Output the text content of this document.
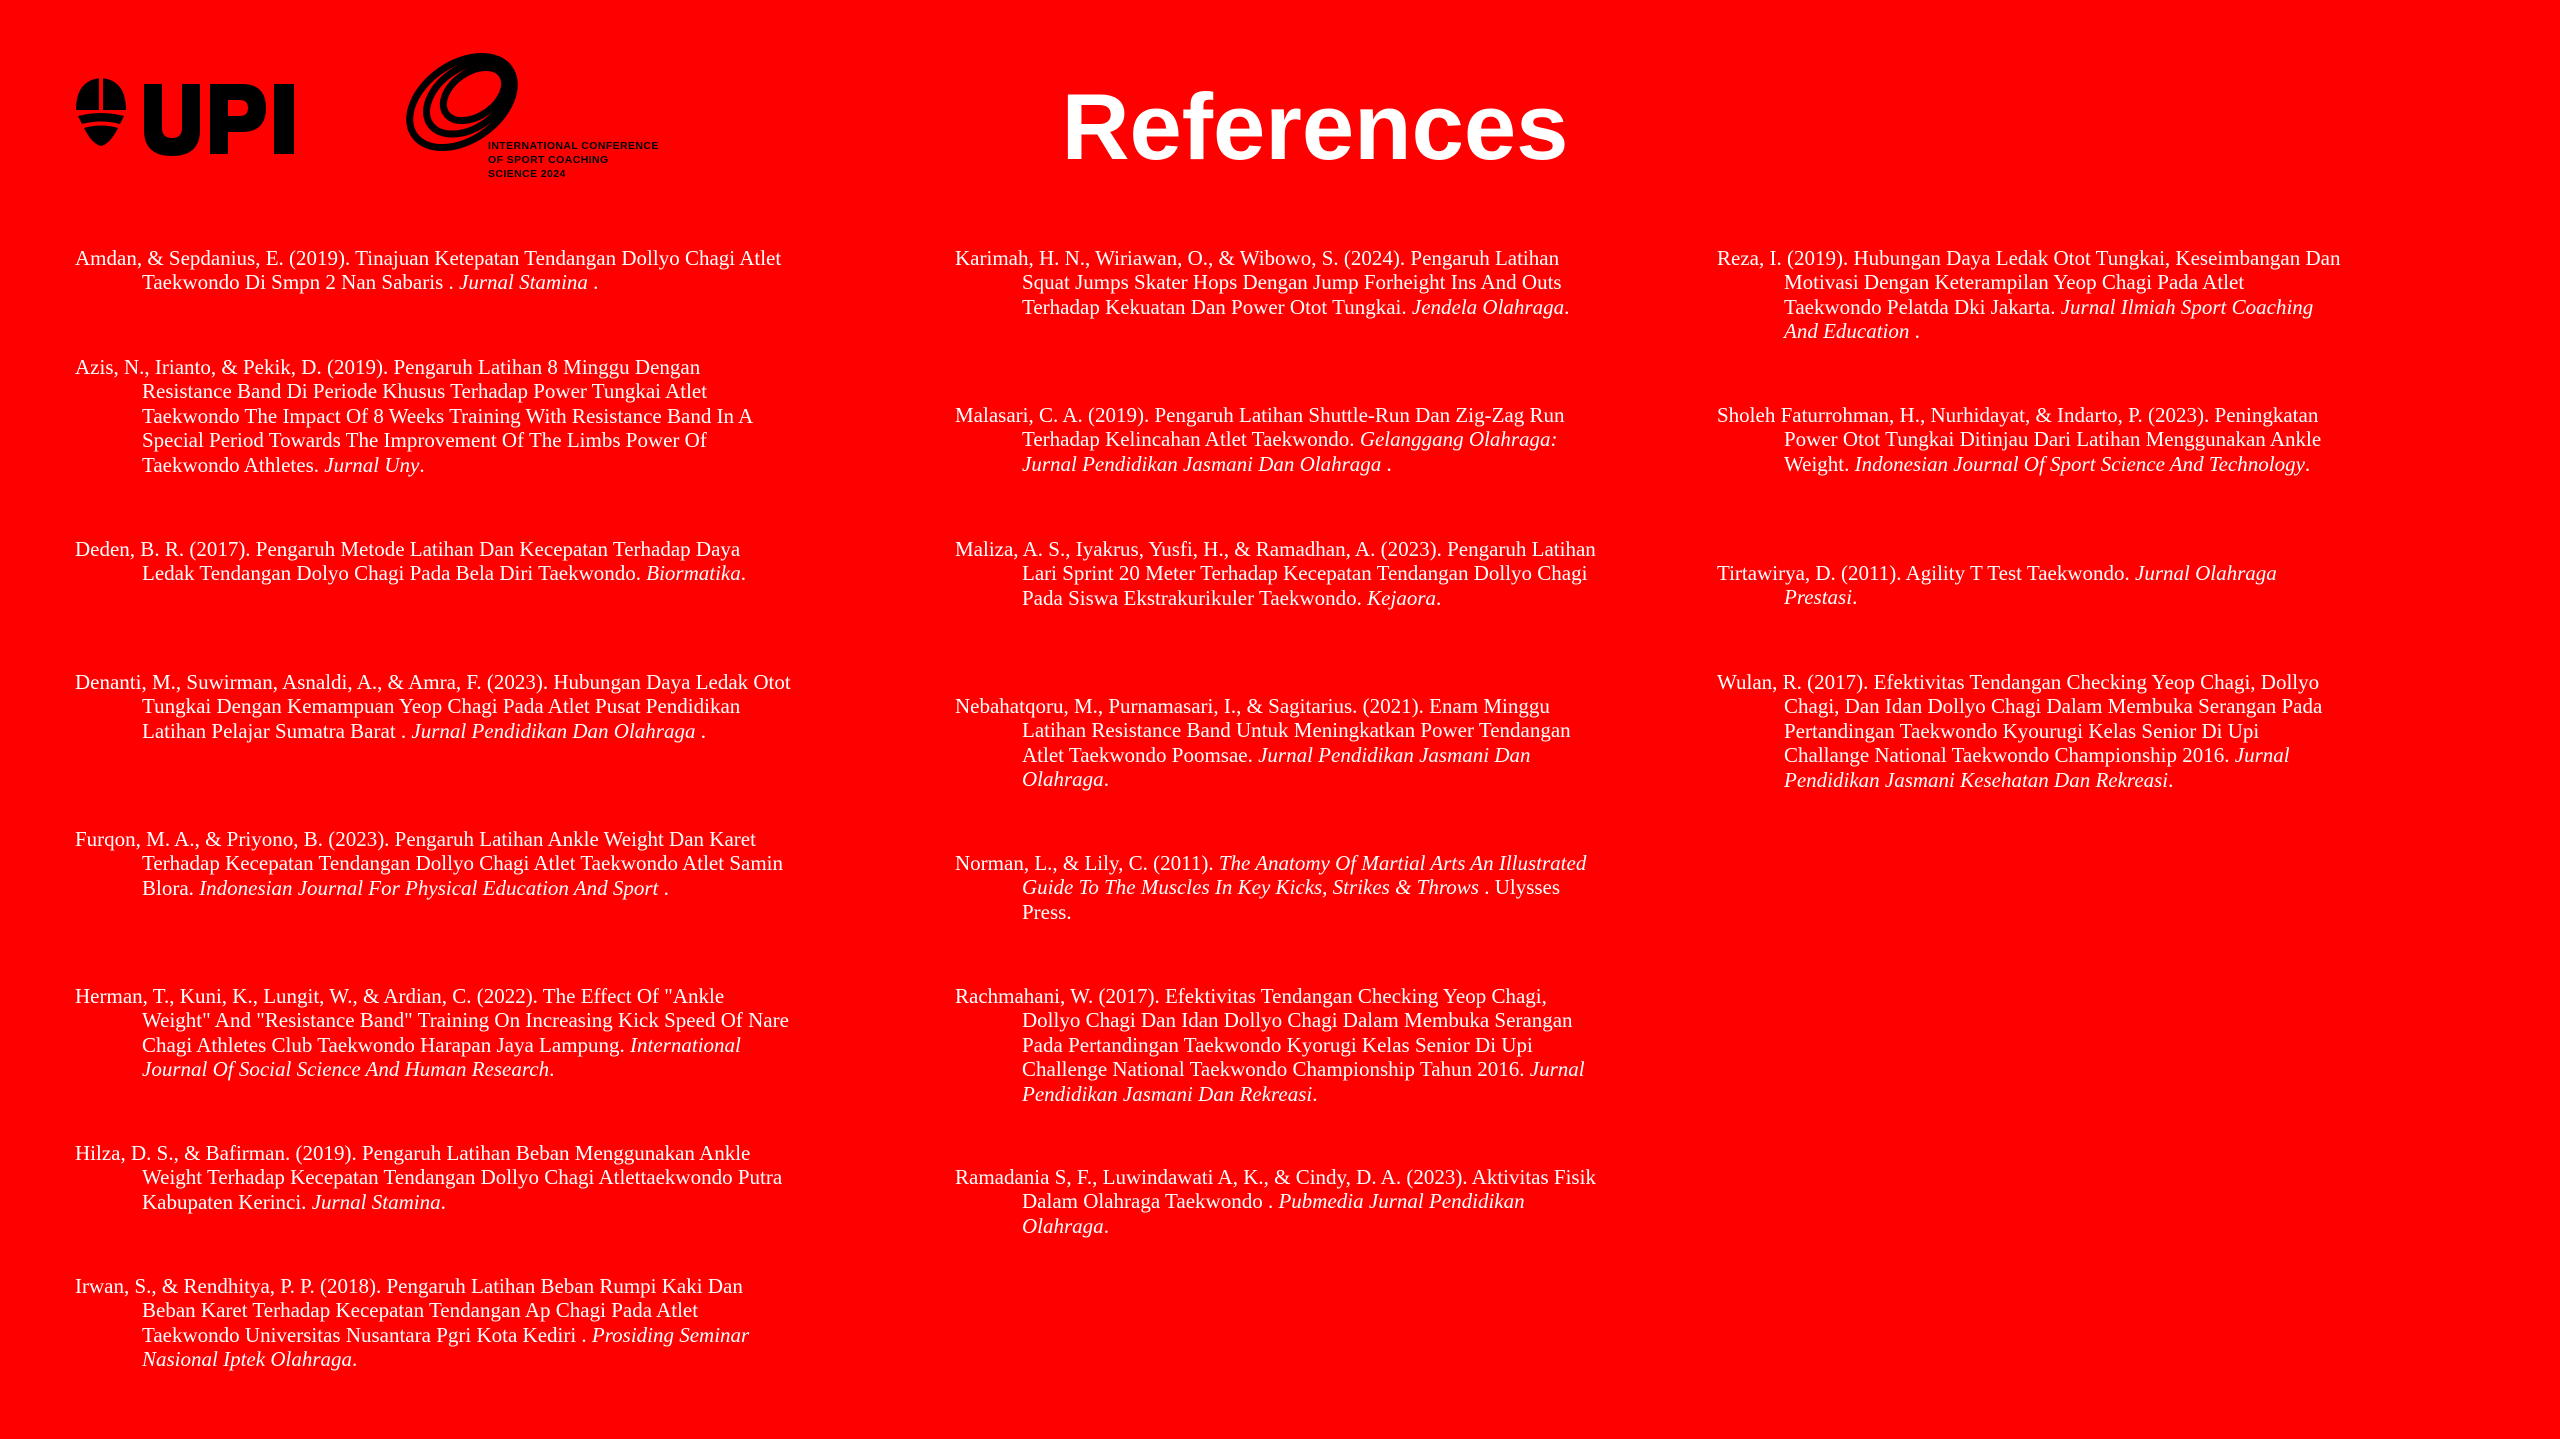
INTERNATIONAL CONFERENCE
OF SPORT COACHING
SCIENCE 2024	References

Amdan, & Sepdanius, E. (2019). Tinajuan Ketepatan Tendangan Dollyo Chagi Atlet Taekwondo Di Smpn 2 Nan Sabaris . Jurnal Stamina .

Azis, N., Irianto, & Pekik, D. (2019). Pengaruh Latihan 8 Minggu Dengan Resistance Band Di Periode Khusus Terhadap Power Tungkai Atlet Taekwondo The Impact Of 8 Weeks Training With Resistance Band In A Special Period Towards The Improvement Of The Limbs Power Of Taekwondo Athletes. Jurnal Uny.

Deden, B. R. (2017). Pengaruh Metode Latihan Dan Kecepatan Terhadap Daya Ledak Tendangan Dolyo Chagi Pada Bela Diri Taekwondo. Biormatika.

Denanti, M., Suwirman, Asnaldi, A., & Amra, F. (2023). Hubungan Daya Ledak Otot Tungkai Dengan Kemampuan Yeop Chagi Pada Atlet Pusat Pendidikan Latihan Pelajar Sumatra Barat . Jurnal Pendidikan Dan Olahraga .

Furqon, M. A., & Priyono, B. (2023). Pengaruh Latihan Ankle Weight Dan Karet Terhadap Kecepatan Tendangan Dollyo Chagi Atlet Taekwondo Atlet Samin Blora. Indonesian Journal For Physical Education And Sport .

Herman, T., Kuni, K., Lungit, W., & Ardian, C. (2022). The Effect Of "Ankle Weight" And "Resistance Band" Training On Increasing Kick Speed Of Nare Chagi Athletes Club Taekwondo Harapan Jaya Lampung. International Journal Of Social Science And Human Research.

Hilza, D. S., & Bafirman. (2019). Pengaruh Latihan Beban Menggunakan Ankle Weight Terhadap Kecepatan Tendangan Dollyo Chagi Atlettaekwondo Putra Kabupaten Kerinci. Jurnal Stamina.

Irwan, S., & Rendhitya, P. P. (2018). Pengaruh Latihan Beban Rumpi Kaki Dan Beban Karet Terhadap Kecepatan Tendangan Ap Chagi Pada Atlet Taekwondo Universitas Nusantara Pgri Kota Kediri . Prosiding Seminar Nasional Iptek Olahraga.

Karimah, H. N., Wiriawan, O., & Wibowo, S. (2024). Pengaruh Latihan Squat Jumps Skater Hops Dengan Jump Forheight Ins And Outs Terhadap Kekuatan Dan Power Otot Tungkai. Jendela Olahraga.

Malasari, C. A. (2019). Pengaruh Latihan Shuttle-Run Dan Zig-Zag Run Terhadap Kelincahan Atlet Taekwondo. Gelanggang Olahraga: Jurnal Pendidikan Jasmani Dan Olahraga .

Maliza, A. S., Iyakrus, Yusfi, H., & Ramadhan, A. (2023). Pengaruh Latihan Lari Sprint 20 Meter Terhadap Kecepatan Tendangan Dollyo Chagi Pada Siswa Ekstrakurikuler Taekwondo. Kejaora.

Nebahatqoru, M., Purnamasari, I., & Sagitarius. (2021). Enam Minggu Latihan Resistance Band Untuk Meningkatkan Power Tendangan Atlet Taekwondo Poomsae. Jurnal Pendidikan Jasmani Dan Olahraga.

Norman, L., & Lily, C. (2011). The Anatomy Of Martial Arts An Illustrated Guide To The Muscles In Key Kicks, Strikes & Throws . Ulysses Press.

Rachmahani, W. (2017). Efektivitas Tendangan Checking Yeop Chagi, Dollyo Chagi Dan Idan Dollyo Chagi Dalam Membuka Serangan Pada Pertandingan Taekwondo Kyorugi Kelas Senior Di Upi Challenge National Taekwondo Championship Tahun 2016. Jurnal Pendidikan Jasmani Dan Rekreasi.

Ramadania S, F., Luwindawati A, K., & Cindy, D. A. (2023). Aktivitas Fisik Dalam Olahraga Taekwondo . Pubmedia Jurnal Pendidikan Olahraga.

Reza, I. (2019). Hubungan Daya Ledak Otot Tungkai, Keseimbangan Dan Motivasi Dengan Keterampilan Yeop Chagi Pada Atlet Taekwondo Pelatda Dki Jakarta. Jurnal Ilmiah Sport Coaching And Education .

Sholeh Faturrohman, H., Nurhidayat, & Indarto, P. (2023). Peningkatan Power Otot Tungkai Ditinjau Dari Latihan Menggunakan Ankle Weight. Indonesian Journal Of Sport Science And Technology.

Tirtawirya, D. (2011). Agility T Test Taekwondo. Jurnal Olahraga Prestasi.

Wulan, R. (2017). Efektivitas Tendangan Checking Yeop Chagi, Dollyo Chagi, Dan Idan Dollyo Chagi Dalam Membuka Serangan Pada Pertandingan Taekwondo Kyourugi Kelas Senior Di Upi Challange National Taekwondo Championship 2016. Jurnal Pendidikan Jasmani Kesehatan Dan Rekreasi.
